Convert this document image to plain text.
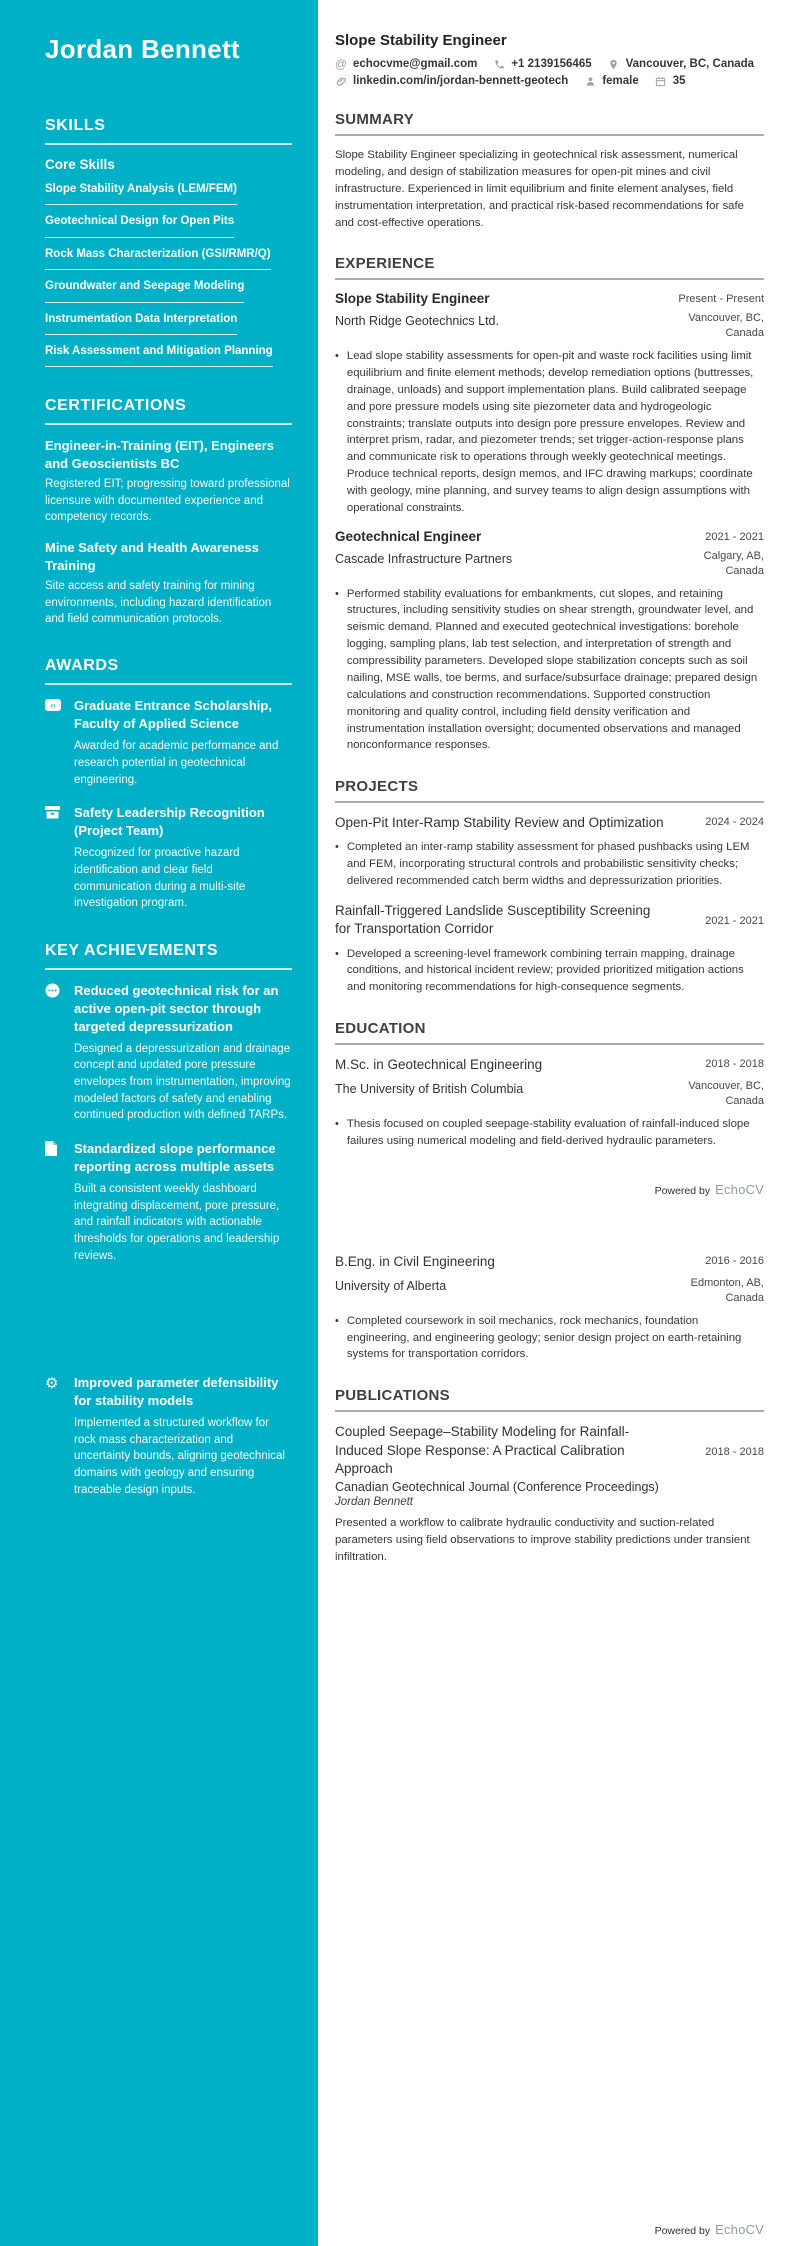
Jordan Bennett
SKILLS
Core Skills
Slope Stability Analysis (LEM/FEM)
Geotechnical Design for Open Pits
Rock Mass Characterization (GSI/RMR/Q)
Groundwater and Seepage Modeling
Instrumentation Data Interpretation
Risk Assessment and Mitigation Planning
CERTIFICATIONS

Engineer-in-Training (EIT), Engineers and Geoscientists BC

Registered EIT; progressing toward professional licensure with documented experience and competency records.

Mine Safety and Health Awareness Training

Site access and safety training for mining environments, including hazard identification and field communication protocols.

AWARDS
‹› Graduate Entrance Scholarship, Faculty of Applied Science

Awarded for academic performance and research potential in geotechnical engineering.

Safety Leadership Recognition (Project Team)

Recognized for proactive hazard identification and clear field communication during a multi-site investigation program.

KEY ACHIEVEMENTS

Reduced geotechnical risk for an active open-pit sector through targeted depressurization

Designed a depressurization and drainage concept and updated pore pressure envelopes from instrumentation, improving modeled factors of safety and enabling continued production with defined TARPs.

Standardized slope performance reporting across multiple assets

Built a consistent weekly dashboard integrating displacement, pore pressure, and rainfall indicators with actionable thresholds for operations and leadership reviews.

⚙ Improved parameter defensibility for stability models

Implemented a structured workflow for rock mass characterization and uncertainty bounds, aligning geotechnical domains with geology and ensuring traceable design inputs.

Slope Stability Engineer
@ echocvme@gmail.com	+1 2139156465	Vancouver, BC, Canada
linkedin.com/in/jordan-bennett-geotech	female	35
SUMMARY

Slope Stability Engineer specializing in geotechnical risk assessment, numerical modeling, and design of stabilization measures for open-pit mines and civil infrastructure. Experienced in limit equilibrium and finite element analyses, field instrumentation interpretation, and practical risk-based recommendations for safe and cost-effective operations.

EXPERIENCE

Slope Stability Engineer	Present - Present

North Ridge Geotechnics Ltd.	Vancouver, BC, Canada
• Lead slope stability assessments for open-pit and waste rock facilities using limit equilibrium and finite element methods; develop remediation options (buttresses, drainage, unloads) and support implementation plans. Build calibrated seepage and pore pressure models using site piezometer data and hydrogeologic constraints; translate outputs into design pore pressure envelopes. Review and interpret prism, radar, and piezometer trends; set trigger-action-response plans and communicate risk to operations through weekly geotechnical meetings. Produce technical reports, design memos, and IFC drawing markups; coordinate with geology, mine planning, and survey teams to align design assumptions with operational constraints.

Geotechnical Engineer	2021 - 2021

Cascade Infrastructure Partners	Calgary, AB, Canada
• Performed stability evaluations for embankments, cut slopes, and retaining structures, including sensitivity studies on shear strength, groundwater level, and seismic demand. Planned and executed geotechnical investigations: borehole logging, sampling plans, lab test selection, and interpretation of strength and compressibility parameters. Developed slope stabilization concepts such as soil nailing, MSE walls, toe berms, and surface/subsurface drainage; prepared design calculations and construction recommendations. Supported construction monitoring and quality control, including field density verification and instrumentation installation oversight; documented observations and managed nonconformance responses.

PROJECTS

Open-Pit Inter-Ramp Stability Review and Optimization	2024 - 2024
• Completed an inter-ramp stability assessment for phased pushbacks using LEM and FEM, incorporating structural controls and probabilistic sensitivity checks; delivered recommended catch berm widths and depressurization priorities.

Rainfall-Triggered Landslide Susceptibility Screening for Transportation Corridor	2021 - 2021
• Developed a screening-level framework combining terrain mapping, drainage conditions, and historical incident review; provided prioritized mitigation actions and monitoring recommendations for high-consequence segments.

EDUCATION

M.Sc. in Geotechnical Engineering	2018 - 2018

The University of British Columbia	Vancouver, BC, Canada
• Thesis focused on coupled seepage-stability evaluation of rainfall-induced slope failures using numerical modeling and field-derived hydraulic parameters.

Powered by EchoCV

B.Eng. in Civil Engineering	2016 - 2016

University of Alberta	Edmonton, AB, Canada
• Completed coursework in soil mechanics, rock mechanics, foundation engineering, and engineering geology; senior design project on earth-retaining systems for transportation corridors.

PUBLICATIONS

Coupled Seepage–Stability Modeling for Rainfall-Induced Slope Response: A Practical Calibration Approach

2018 - 2018

Canadian Geotechnical Journal (Conference Proceedings)

Jordan Bennett

Presented a workflow to calibrate hydraulic conductivity and suction-related parameters using field observations to improve stability predictions under transient infiltration.

Powered by EchoCV
